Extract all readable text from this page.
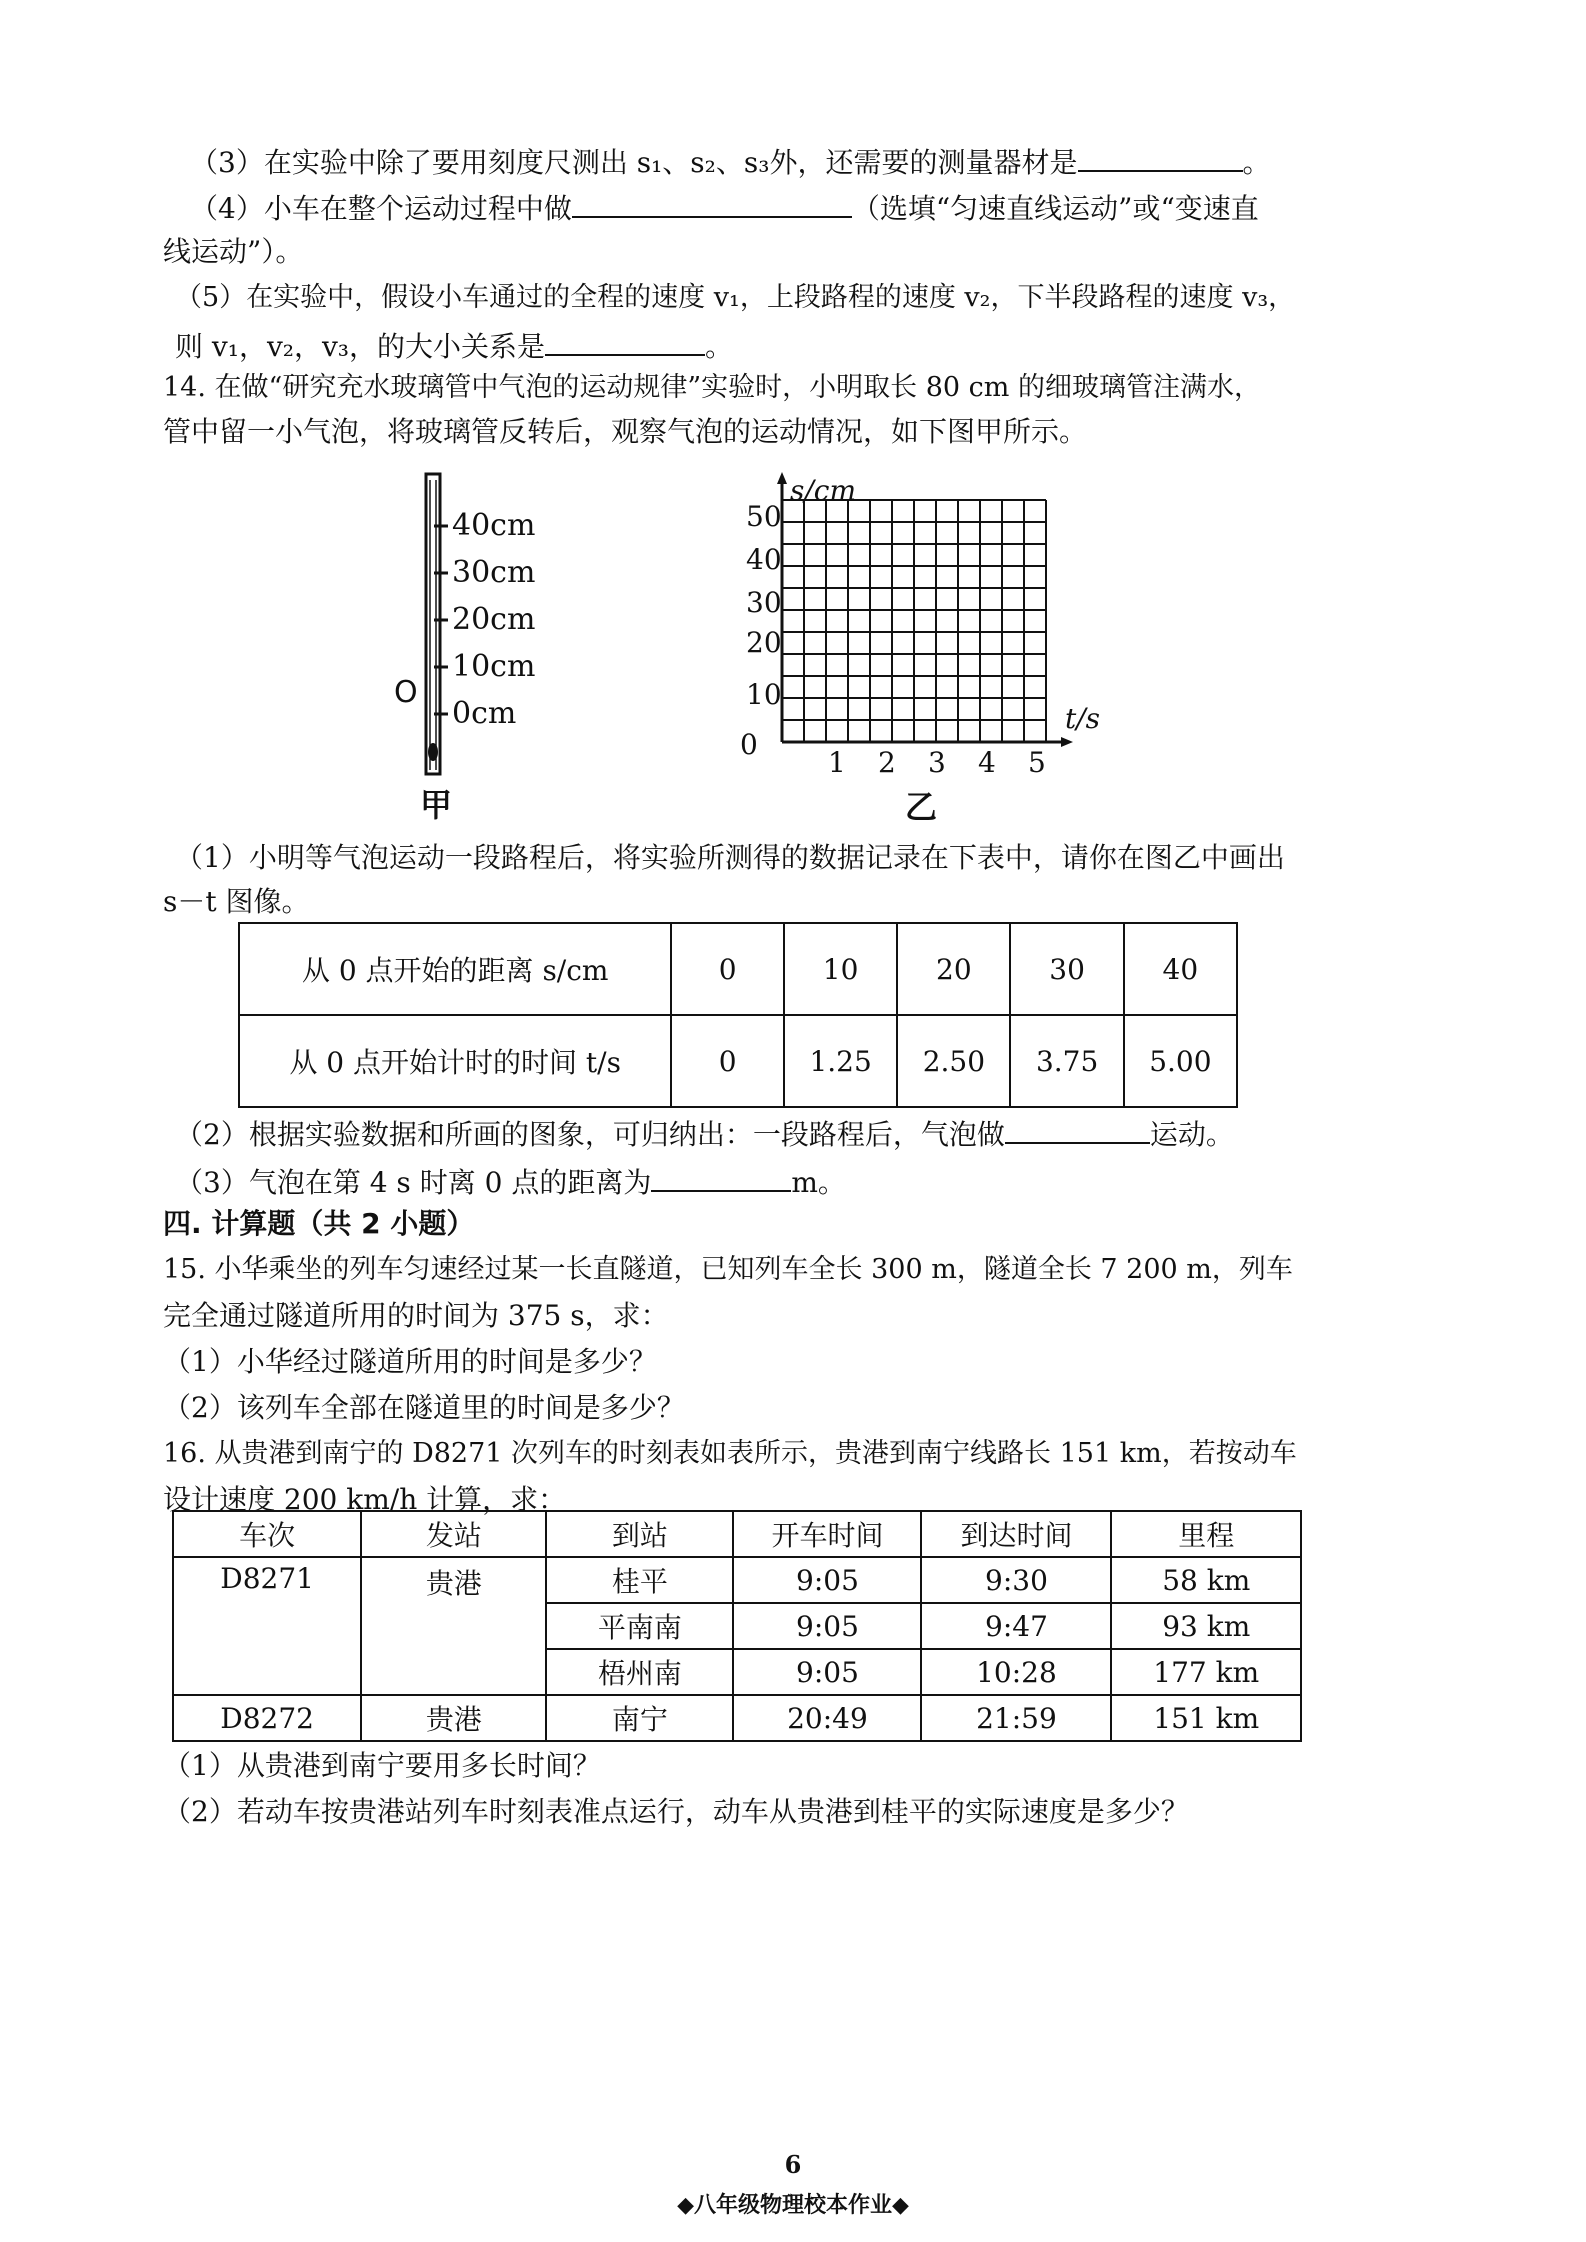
（3）在实验中除了要用刻度尺测出 s₁、s₂、s₃外，还需要的测量器材是	。
（4）小车在整个运动过程中做	（选填“匀速直线运动”或“变速直
线运动”）。
（5）在实验中，假设小车通过的全程的速度 v₁，上段路程的速度 v₂，下半段路程的速度 v₃，
则 v₁，v₂，v₃，的大小关系是	。
14. 在做“研究充水玻璃管中气泡的运动规律”实验时，小明取长 80 cm 的细玻璃管注满水，
管中留一小气泡，将玻璃管反转后，观察气泡的运动情况，如下图甲所示。
40cm
30cm
20cm
10cm
0cm
O
甲
s/cm
t/s
50
40
30
20
10
0
1 2 3 4 5
乙
（1）小明等气泡运动一段路程后，将实验所测得的数据记录在下表中，请你在图乙中画出
s－t 图像。
从 0 点开始的距离 s/cm	0	10	20	30	40
从 0 点开始计时的时间 t/s	0	1.25	2.50	3.75	5.00
（2）根据实验数据和所画的图象，可归纳出：一段路程后，气泡做	运动。
（3）气泡在第 4 s 时离 0 点的距离为	m。
四. 计算题（共 2 小题）
15. 小华乘坐的列车匀速经过某一长直隧道，已知列车全长 300 m，隧道全长 7 200 m，列车
完全通过隧道所用的时间为 375 s，求：
（1）小华经过隧道所用的时间是多少？
（2）该列车全部在隧道里的时间是多少？
16. 从贵港到南宁的 D8271 次列车的时刻表如表所示，贵港到南宁线路长 151 km，若按动车
设计速度 200 km/h 计算，求：
车次	发站	到站	开车时间	到达时间	里程
D8271	贵港	桂平	9:05	9:30	58 km
		平南南	9:05	9:47	93 km
		梧州南	9:05	10:28	177 km
D8272	贵港	南宁	20:49	21:59	151 km
（1）从贵港到南宁要用多长时间？
（2）若动车按贵港站列车时刻表准点运行，动车从贵港到桂平的实际速度是多少？
6
◆八年级物理校本作业◆
